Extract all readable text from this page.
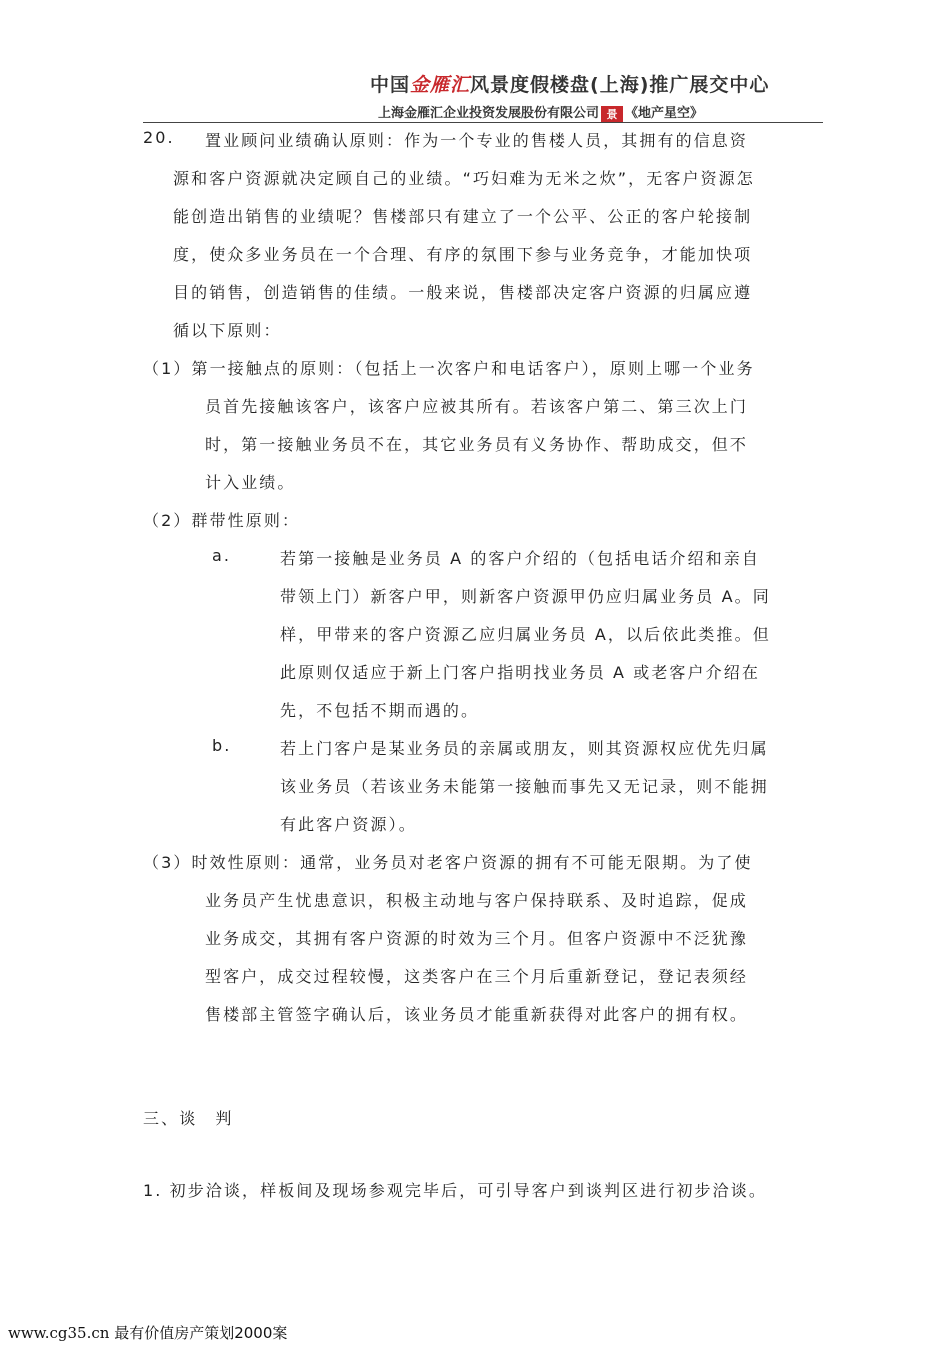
中国金雁汇风景度假楼盘(上海)推广展交中心
上海金雁汇企业投资发展股份有限公司 景 《地产星空》
20. 置业顾问业绩确认原则：作为一个专业的售楼人员，其拥有的信息资
源和客户资源就决定顾自己的业绩。“巧妇难为无米之炊”，无客户资源怎
能创造出销售的业绩呢？售楼部只有建立了一个公平、公正的客户轮接制
度，使众多业务员在一个合理、有序的氛围下参与业务竞争，才能加快项
目的销售，创造销售的佳绩。一般来说，售楼部决定客户资源的归属应遵
循以下原则：
（1）第一接触点的原则：（包括上一次客户和电话客户），原则上哪一个业务
员首先接触该客户，该客户应被其所有。若该客户第二、第三次上门
时，第一接触业务员不在，其它业务员有义务协作、帮助成交，但不
计入业绩。
（2）群带性原则：
a.	若第一接触是业务员 A 的客户介绍的（包括电话介绍和亲自
带领上门）新客户甲，则新客户资源甲仍应归属业务员 A。同
样，甲带来的客户资源乙应归属业务员 A，以后依此类推。但
此原则仅适应于新上门客户指明找业务员 A 或老客户介绍在
先，不包括不期而遇的。
b.	若上门客户是某业务员的亲属或朋友，则其资源权应优先归属
该业务员（若该业务未能第一接触而事先又无记录，则不能拥
有此客户资源）。
（3）时效性原则：通常，业务员对老客户资源的拥有不可能无限期。为了使
业务员产生忧患意识，积极主动地与客户保持联系、及时追踪，促成
业务成交，其拥有客户资源的时效为三个月。但客户资源中不泛犹豫
型客户，成交过程较慢，这类客户在三个月后重新登记，登记表须经
售楼部主管签字确认后，该业务员才能重新获得对此客户的拥有权。
三、谈　判
1. 初步洽谈，样板间及现场参观完毕后，可引导客户到谈判区进行初步洽谈。
www.cg35.cn 最有价值房产策划2000案
